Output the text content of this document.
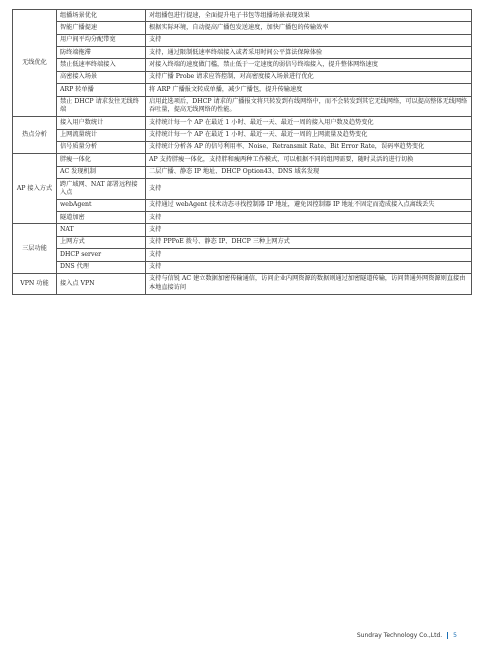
无线优化	组播场景优化	对组播包进行提速，全面提升电子书包等组播场景表现效果
	智能广播提速	根据实际环境，自动提高广播包发送速度，加快广播包的传输效率
	用户间平均分配带宽	支持
	防终端拖滞	支持，通过限制低速率终端接入或者采用时间公平算法保障体验
	禁止低速率终端接入	对接入终端的速度做门槛，禁止低于一定速度的弱信号终端接入，提升整体网络速度
	高密接入场景	支持广播 Probe 请求应答控制，对高密度接入场景进行优化
	ARP 转单播	将 ARP 广播报文转成单播，减少广播包，提升传输速度
	禁止 DHCP 请求发往无线终端	启用此选项后，DHCP 请求的广播报文将只转发到有线网络中，而不会转发到其它无线网络，可以提高整体无线网络吞吐量，提高无线网络的性能。
热点分析	接入用户数统计	支持统计每一个 AP 在最近 1 小时、最近一天、最近一周的接入用户数及趋势变化
	上网流量统计	支持统计每一个 AP 在最近 1 小时、最近一天、最近一周的上网流量及趋势变化
	信号质量分析	支持统计分析各 AP 的信号利用率、Noise、Retransmit Rate、Bit Error Rate，误码率趋势变化
AP 接入方式	胖瘦一体化	AP 支持胖瘦一体化，支持胖和瘦两种工作模式，可以根据不同的组网需要，随时灵活的进行切换
	AC 发现机制	二层广播、静态 IP 地址、DHCP Option43、DNS 域名发现
	跨广域网、NAT 部署远程接入点	支持
	webAgent	支持通过 webAgent 技术动态寻找控制器 IP 地址，避免因控制器 IP 地址不固定而造成接入点离线丢失
	隧道加密	支持
三层功能	NAT	支持
	上网方式	支持 PPPoE 拨号、静态 IP、DHCP 三种上网方式
	DHCP server	支持
	DNS 代理	支持
VPN 功能	接入点 VPN	支持与信锐 AC 建立数据加密传输通信，访问企业内网资源的数据则通过加密隧道传输，访问普通外网资源则直接由本地直接访问
Sundray Technology Co.,Ltd. 5
